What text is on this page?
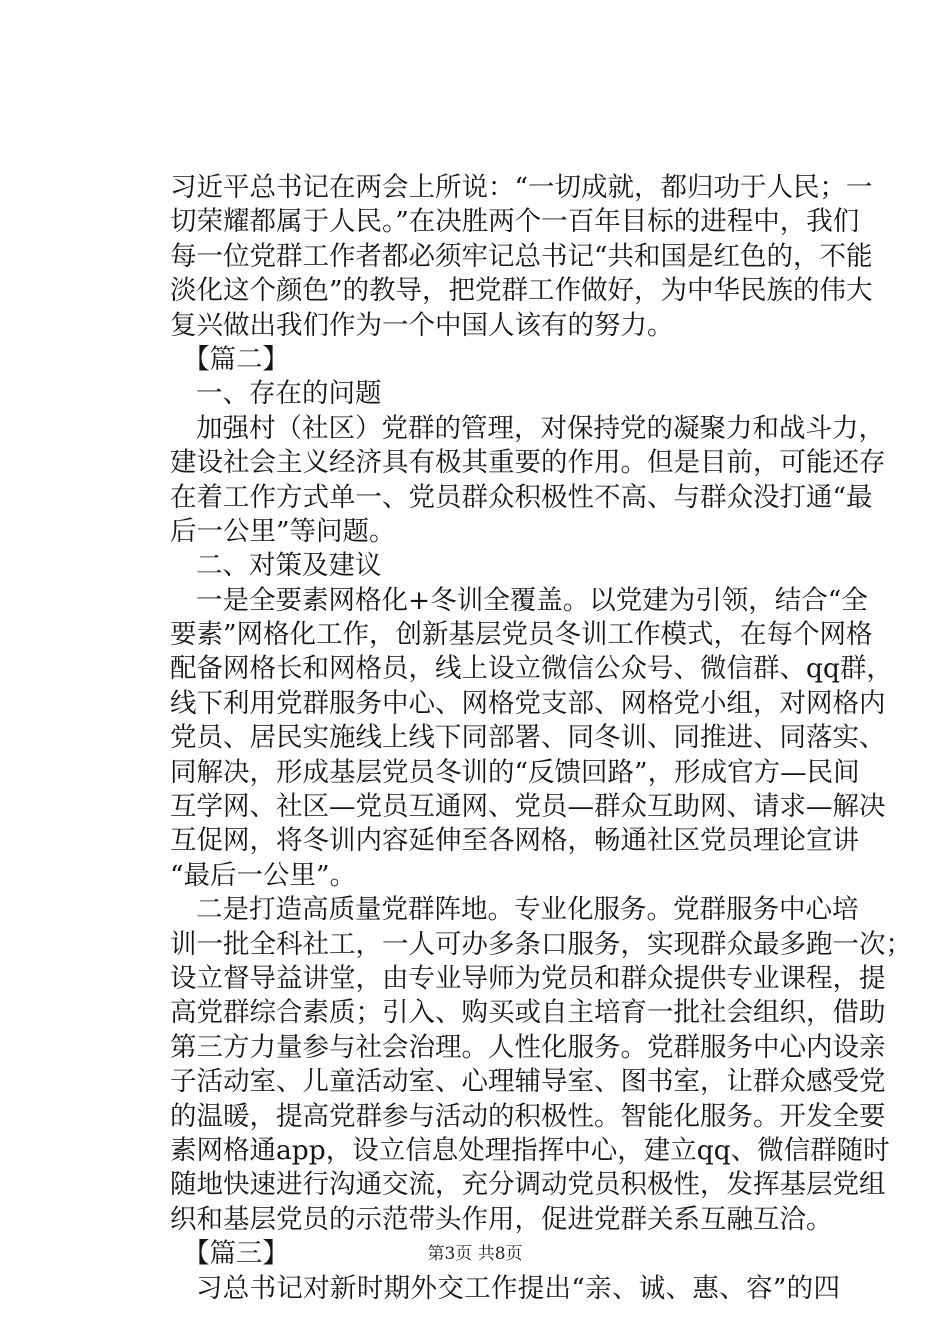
习近平总书记在两会上所说：“一切成就，都归功于人民；一
切荣耀都属于人民。”在决胜两个一百年目标的进程中，我们
每一位党群工作者都必须牢记总书记“共和国是红色的，不能
淡化这个颜色”的教导，把党群工作做好，为中华民族的伟大
复兴做出我们作为一个中国人该有的努力。
【篇二】
一、存在的问题
加强村（社区）党群的管理，对保持党的凝聚力和战斗力，
建设社会主义经济具有极其重要的作用。但是目前，可能还存
在着工作方式单一、党员群众积极性不高、与群众没打通“最
后一公里”等问题。
二、对策及建议
一是全要素网格化+冬训全覆盖。以党建为引领，结合“全
要素”网格化工作，创新基层党员冬训工作模式，在每个网格
配备网格长和网格员，线上设立微信公众号、微信群、qq群，
线下利用党群服务中心、网格党支部、网格党小组，对网格内
党员、居民实施线上线下同部署、同冬训、同推进、同落实、
同解决，形成基层党员冬训的“反馈回路”，形成官方—民间
互学网、社区—党员互通网、党员—群众互助网、请求—解决
互促网，将冬训内容延伸至各网格，畅通社区党员理论宣讲
“最后一公里”。
二是打造高质量党群阵地。专业化服务。党群服务中心培
训一批全科社工，一人可办多条口服务，实现群众最多跑一次；
设立督导益讲堂，由专业导师为党员和群众提供专业课程，提
高党群综合素质；引入、购买或自主培育一批社会组织，借助
第三方力量参与社会治理。人性化服务。党群服务中心内设亲
子活动室、儿童活动室、心理辅导室、图书室，让群众感受党
的温暖，提高党群参与活动的积极性。智能化服务。开发全要
素网格通app，设立信息处理指挥中心，建立qq、微信群随时
随地快速进行沟通交流，充分调动党员积极性，发挥基层党组
织和基层党员的示范带头作用，促进党群关系互融互洽。
【篇三】
习总书记对新时期外交工作提出“亲、诚、惠、容”的四
第3页 共8页
